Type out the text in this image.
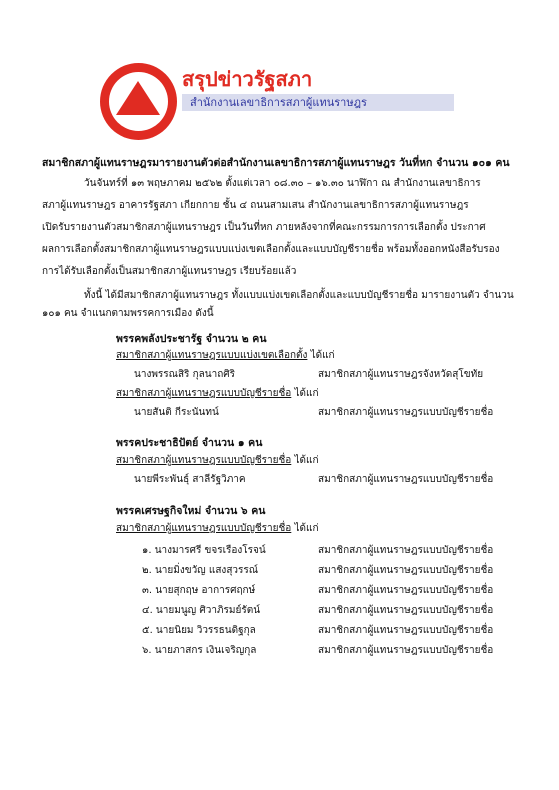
สรุปข่าวรัฐสภา
สำนักงานเลขาธิการสภาผู้แทนราษฎร
สมาชิกสภาผู้แทนราษฎรมารายงานตัวต่อสำนักงานเลขาธิการสภาผู้แทนราษฎร วันที่หก จำนวน ๑๐๑ คน
วันจันทร์ที่ ๑๓ พฤษภาคม ๒๕๖๒ ตั้งแต่เวลา ๐๘.๓๐ – ๑๖.๓๐ นาฬิกา ณ สำนักงานเลขาธิการ
สภาผู้แทนราษฎร อาคารรัฐสภา เกียกกาย ชั้น ๔ ถนนสามเสน สำนักงานเลขาธิการสภาผู้แทนราษฎร
เปิดรับรายงานตัวสมาชิกสภาผู้แทนราษฎร เป็นวันที่หก ภายหลังจากที่คณะกรรมการการเลือกตั้ง ประกาศ
ผลการเลือกตั้งสมาชิกสภาผู้แทนราษฎรแบบแบ่งเขตเลือกตั้งและแบบบัญชีรายชื่อ พร้อมทั้งออกหนังสือรับรอง
การได้รับเลือกตั้งเป็นสมาชิกสภาผู้แทนราษฎร เรียบร้อยแล้ว
ทั้งนี้ ได้มีสมาชิกสภาผู้แทนราษฎร ทั้งแบบแบ่งเขตเลือกตั้งและแบบบัญชีรายชื่อ มารายงานตัว จำนวน
๑๐๑ คน จำแนกตามพรรคการเมือง ดังนี้
พรรคพลังประชารัฐ จำนวน ๒ คน
สมาชิกสภาผู้แทนราษฎรแบบแบ่งเขตเลือกตั้ง ได้แก่
นางพรรณสิริ กุลนาถศิริ	สมาชิกสภาผู้แทนราษฎรจังหวัดสุโขทัย
สมาชิกสภาผู้แทนราษฎรแบบบัญชีรายชื่อ ได้แก่
นายสันติ กีระนันทน์	สมาชิกสภาผู้แทนราษฎรแบบบัญชีรายชื่อ
พรรคประชาธิปัตย์ จำนวน ๑ คน
สมาชิกสภาผู้แทนราษฎรแบบบัญชีรายชื่อ ได้แก่
นายพีระพันธุ์ สาลีรัฐวิภาค	สมาชิกสภาผู้แทนราษฎรแบบบัญชีรายชื่อ
พรรคเศรษฐกิจใหม่ จำนวน ๖ คน
สมาชิกสภาผู้แทนราษฎรแบบบัญชีรายชื่อ ได้แก่
๑. นางมารศรี ขจรเรืองโรจน์	สมาชิกสภาผู้แทนราษฎรแบบบัญชีรายชื่อ
๒. นายมิ่งขวัญ แสงสุวรรณ์	สมาชิกสภาผู้แทนราษฎรแบบบัญชีรายชื่อ
๓. นายสุกฤษ อาการศฤกษ์	สมาชิกสภาผู้แทนราษฎรแบบบัญชีรายชื่อ
๔. นายมนูญ ศิวาภิรมย์รัตน์	สมาชิกสภาผู้แทนราษฎรแบบบัญชีรายชื่อ
๕. นายนิยม วิวรรธนดิฐกุล	สมาชิกสภาผู้แทนราษฎรแบบบัญชีรายชื่อ
๖. นายภาสกร เงินเจริญกุล	สมาชิกสภาผู้แทนราษฎรแบบบัญชีรายชื่อ
